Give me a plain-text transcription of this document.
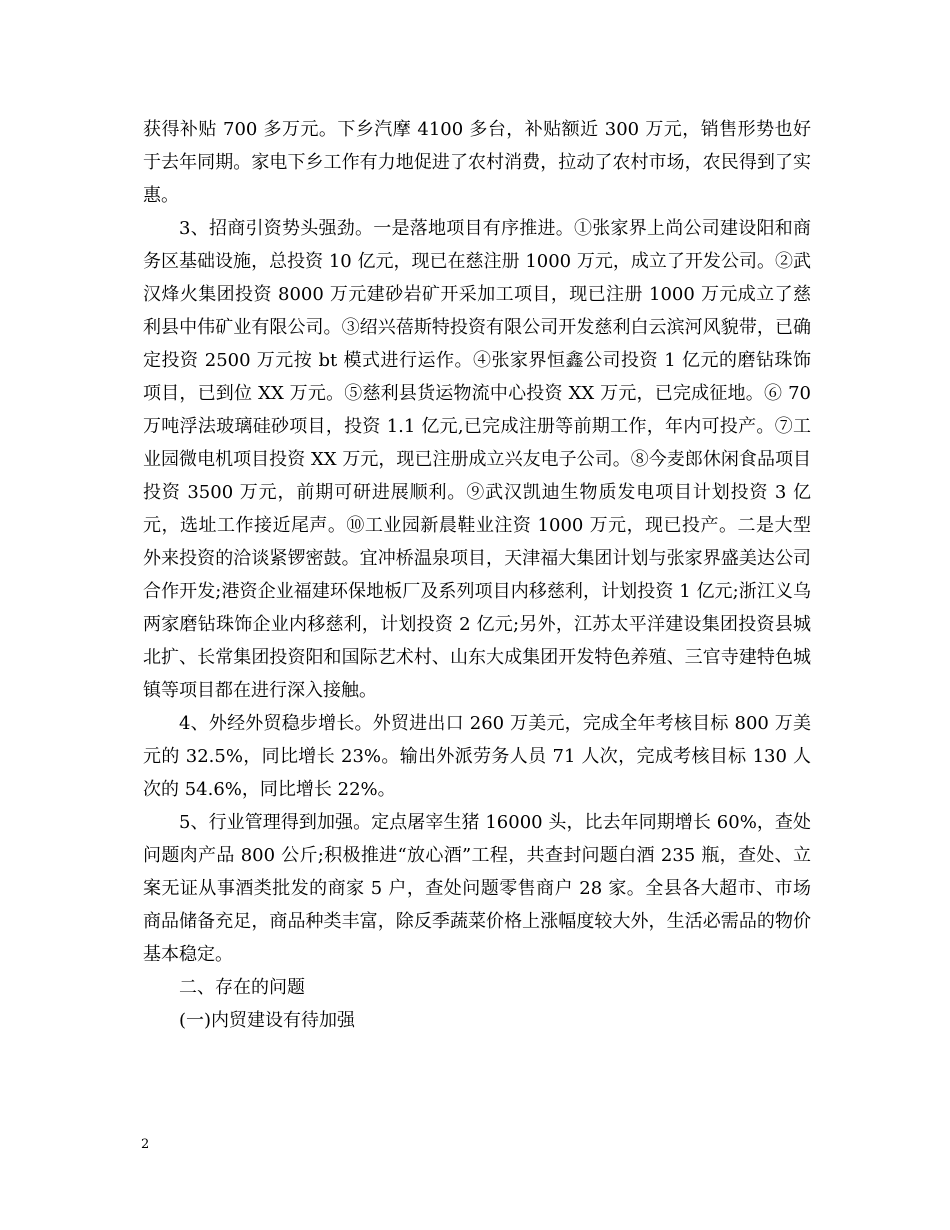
获得补贴 700 多万元。下乡汽摩 4100 多台，补贴额近 300 万元，销售形势也好于去年同期。家电下乡工作有力地促进了农村消费，拉动了农村市场，农民得到了实惠。

3、招商引资势头强劲。一是落地项目有序推进。①张家界上尚公司建设阳和商务区基础设施，总投资 10 亿元，现已在慈注册 1000 万元，成立了开发公司。②武汉烽火集团投资 8000 万元建砂岩矿开采加工项目，现已注册 1000 万元成立了慈利县中伟矿业有限公司。③绍兴蓓斯特投资有限公司开发慈利白云滨河风貌带，已确定投资 2500 万元按 bt 模式进行运作。④张家界恒鑫公司投资 1 亿元的磨钻珠饰项目，已到位 XX 万元。⑤慈利县货运物流中心投资 XX 万元，已完成征地。⑥ 70 万吨浮法玻璃硅砂项目，投资 1.1 亿元,已完成注册等前期工作，年内可投产。⑦工业园微电机项目投资 XX 万元，现已注册成立兴友电子公司。⑧今麦郎休闲食品项目投资 3500 万元，前期可研进展顺利。⑨武汉凯迪生物质发电项目计划投资 3 亿元，选址工作接近尾声。⑩工业园新晨鞋业注资 1000 万元，现已投产。二是大型外来投资的洽谈紧锣密鼓。宜冲桥温泉项目，天津福大集团计划与张家界盛美达公司合作开发;港资企业福建环保地板厂及系列项目内移慈利，计划投资 1 亿元;浙江义乌两家磨钻珠饰企业内移慈利，计划投资 2 亿元;另外，江苏太平洋建设集团投资县城北扩、长常集团投资阳和国际艺术村、山东大成集团开发特色养殖、三官寺建特色城镇等项目都在进行深入接触。

4、外经外贸稳步增长。外贸进出口 260 万美元，完成全年考核目标 800 万美元的 32.5%，同比增长 23%。输出外派劳务人员 71 人次，完成考核目标 130 人次的 54.6%，同比增长 22%。

5、行业管理得到加强。定点屠宰生猪 16000 头，比去年同期增长 60%，查处问题肉产品 800 公斤;积极推进“放心酒”工程，共查封问题白酒 235 瓶，查处、立案无证从事酒类批发的商家 5 户，查处问题零售商户 28 家。全县各大超市、市场商品储备充足，商品种类丰富，除反季蔬菜价格上涨幅度较大外，生活必需品的物价基本稳定。

二、存在的问题

(一)内贸建设有待加强

2
